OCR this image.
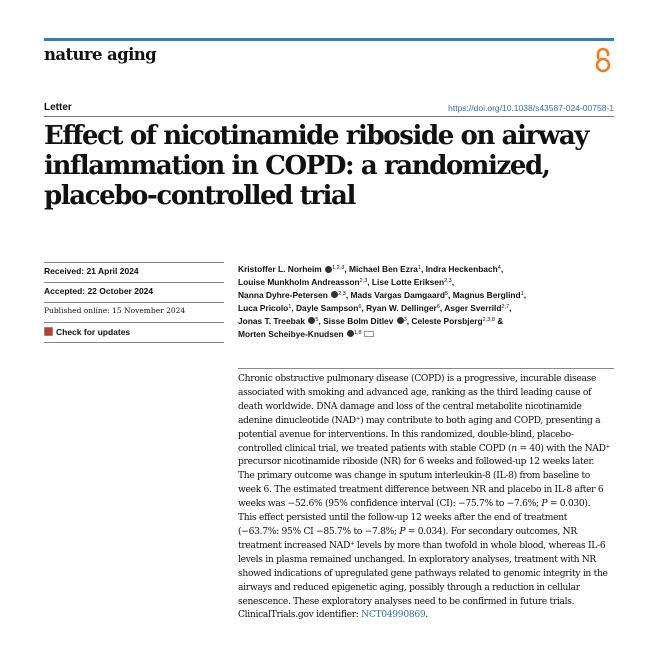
nature aging
Letter	https://doi.org/10.1038/s43587-024-00758-1
Effect of nicotinamide riboside on airway inflammation in COPD: a randomized, placebo-controlled trial
Received: 21 April 2024
Accepted: 22 October 2024
Published online: 15 November 2024
Check for updates
Kristoffer L. Norheim $^{1,2,3}$, Michael Ben Ezra$^1$, Indra Heckenbach$^4$,
Louise Munkholm Andreasson$^{2,3}$, Lise Lotte Eriksen$^{2,3}$,
Nanna Dyhre-Petersen $^{2,3}$, Mads Vargas Damgaard$^5$, Magnus Berglind$^1$,
Luca Pricolo$^1$, Dayle Sampson$^6$, Ryan W. Dellinger$^6$, Asger Sverrild$^{2,7}$,
Jonas T. Treebak $^5$, Sisse Bolm Ditlev $^3$, Celeste Porsbjerg$^{2,3,8}$ &
Morten Scheibye-Knudsen $^{1,8}$

Chronic obstructive pulmonary disease (COPD) is a progressive, incurable disease associated with smoking and advanced age, ranking as the third leading cause of death worldwide. DNA damage and loss of the central metabolite nicotinamide adenine dinucleotide (NAD+) may contribute to both aging and COPD, presenting a potential avenue for interventions. In this randomized, double-blind, placebo-controlled clinical trial, we treated patients with stable COPD (n = 40) with the NAD+ precursor nicotinamide riboside (NR) for 6 weeks and followed-up 12 weeks later. The primary outcome was change in sputum interleukin-8 (IL-8) from baseline to week 6. The estimated treatment difference between NR and placebo in IL-8 after 6 weeks was −52.6% (95% confidence interval (CI): −75.7% to −7.6%; P = 0.030). This effect persisted until the follow-up 12 weeks after the end of treatment (−63.7%: 95% CI −85.7% to −7.8%; P = 0.034). For secondary outcomes, NR treatment increased NAD+ levels by more than twofold in whole blood, whereas IL-6 levels in plasma remained unchanged. In exploratory analyses, treatment with NR showed indications of upregulated gene pathways related to genomic integrity in the airways and reduced epigenetic aging, possibly through a reduction in cellular senescence. These exploratory analyses need to be confirmed in future trials. ClinicalTrials.gov identifier: NCT04990869.
